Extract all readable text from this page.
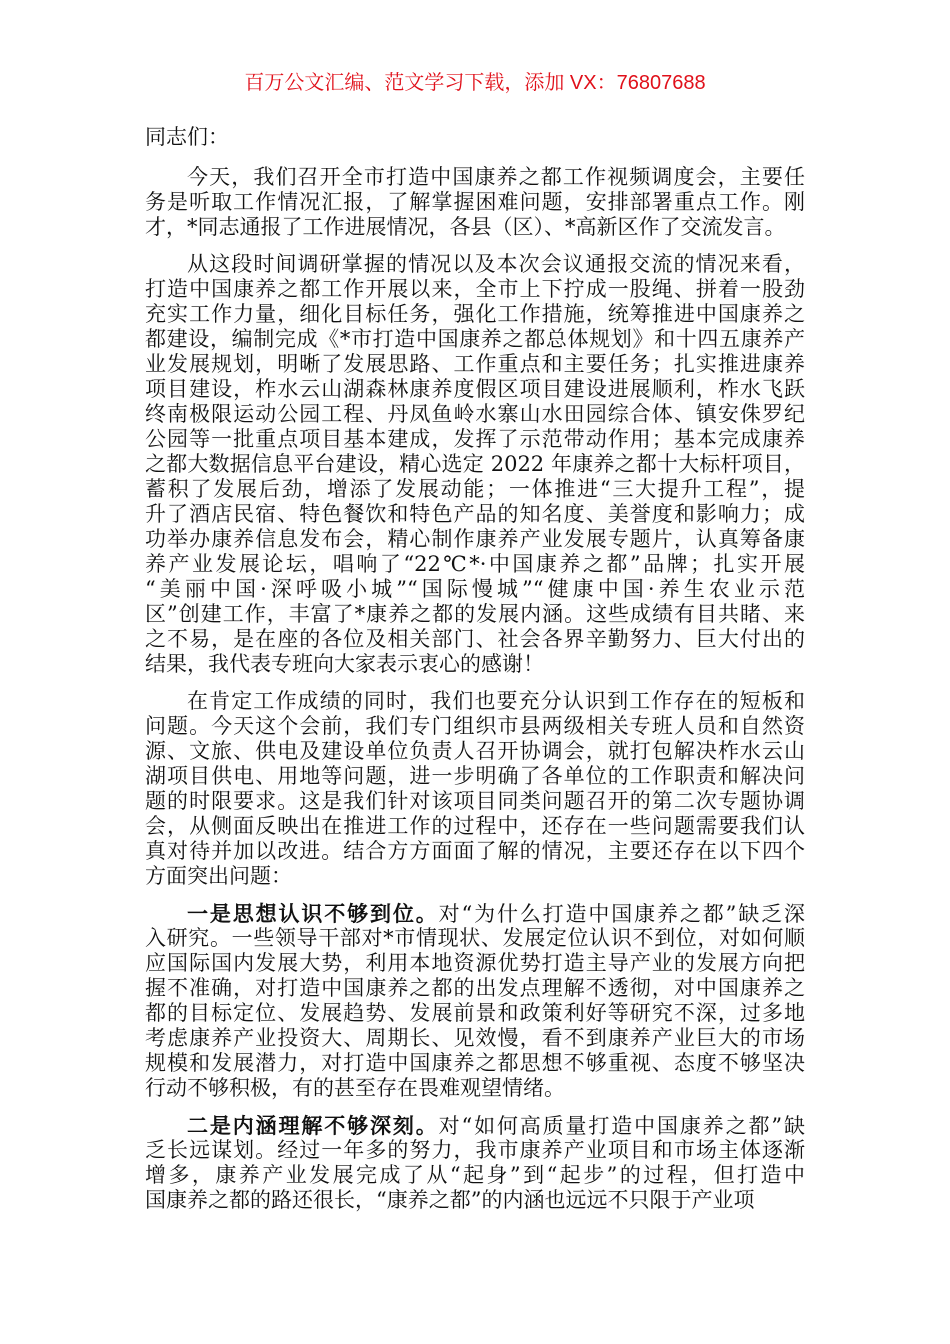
百万公文汇编、范文学习下载，添加 VX：76807688
同志们：
今天，我们召开全市打造中国康养之都工作视频调度会，主要任
务是听取工作情况汇报，了解掌握困难问题，安排部署重点工作。刚
才，*同志通报了工作进展情况，各县（区）、*高新区作了交流发言。
从这段时间调研掌握的情况以及本次会议通报交流的情况来看，
打造中国康养之都工作开展以来，全市上下拧成一股绳、拼着一股劲
充实工作力量，细化目标任务，强化工作措施，统筹推进中国康养之
都建设，编制完成《*市打造中国康养之都总体规划》和十四五康养产
业发展规划，明晰了发展思路、工作重点和主要任务；扎实推进康养
项目建设，柞水云山湖森林康养度假区项目建设进展顺利，柞水飞跃
终南极限运动公园工程、丹凤鱼岭水寨山水田园综合体、镇安侏罗纪
公园等一批重点项目基本建成，发挥了示范带动作用；基本完成康养
之都大数据信息平台建设，精心选定 2022 年康养之都十大标杆项目，
蓄积了发展后劲，增添了发展动能；一体推进“三大提升工程”，提
升了酒店民宿、特色餐饮和特色产品的知名度、美誉度和影响力；成
功举办康养信息发布会，精心制作康养产业发展专题片，认真筹备康
养产业发展论坛，唱响了“22℃*·中国康养之都”品牌；扎实开展
“美丽中国·深呼吸小城”“国际慢城”“健康中国·养生农业示范
区”创建工作，丰富了*康养之都的发展内涵。这些成绩有目共睹、来
之不易，是在座的各位及相关部门、社会各界辛勤努力、巨大付出的
结果，我代表专班向大家表示衷心的感谢！
在肯定工作成绩的同时，我们也要充分认识到工作存在的短板和
问题。今天这个会前，我们专门组织市县两级相关专班人员和自然资
源、文旅、供电及建设单位负责人召开协调会，就打包解决柞水云山
湖项目供电、用地等问题，进一步明确了各单位的工作职责和解决问
题的时限要求。这是我们针对该项目同类问题召开的第二次专题协调
会，从侧面反映出在推进工作的过程中，还存在一些问题需要我们认
真对待并加以改进。结合方方面面了解的情况，主要还存在以下四个
方面突出问题：
一是思想认识不够到位。对“为什么打造中国康养之都”缺乏深
入研究。一些领导干部对*市情现状、发展定位认识不到位，对如何顺
应国际国内发展大势，利用本地资源优势打造主导产业的发展方向把
握不准确，对打造中国康养之都的出发点理解不透彻，对中国康养之
都的目标定位、发展趋势、发展前景和政策利好等研究不深，过多地
考虑康养产业投资大、周期长、见效慢，看不到康养产业巨大的市场
规模和发展潜力，对打造中国康养之都思想不够重视、态度不够坚决
行动不够积极，有的甚至存在畏难观望情绪。
二是内涵理解不够深刻。对“如何高质量打造中国康养之都”缺
乏长远谋划。经过一年多的努力，我市康养产业项目和市场主体逐渐
增多，康养产业发展完成了从“起身”到“起步”的过程，但打造中
国康养之都的路还很长，“康养之都”的内涵也远远不只限于产业项
